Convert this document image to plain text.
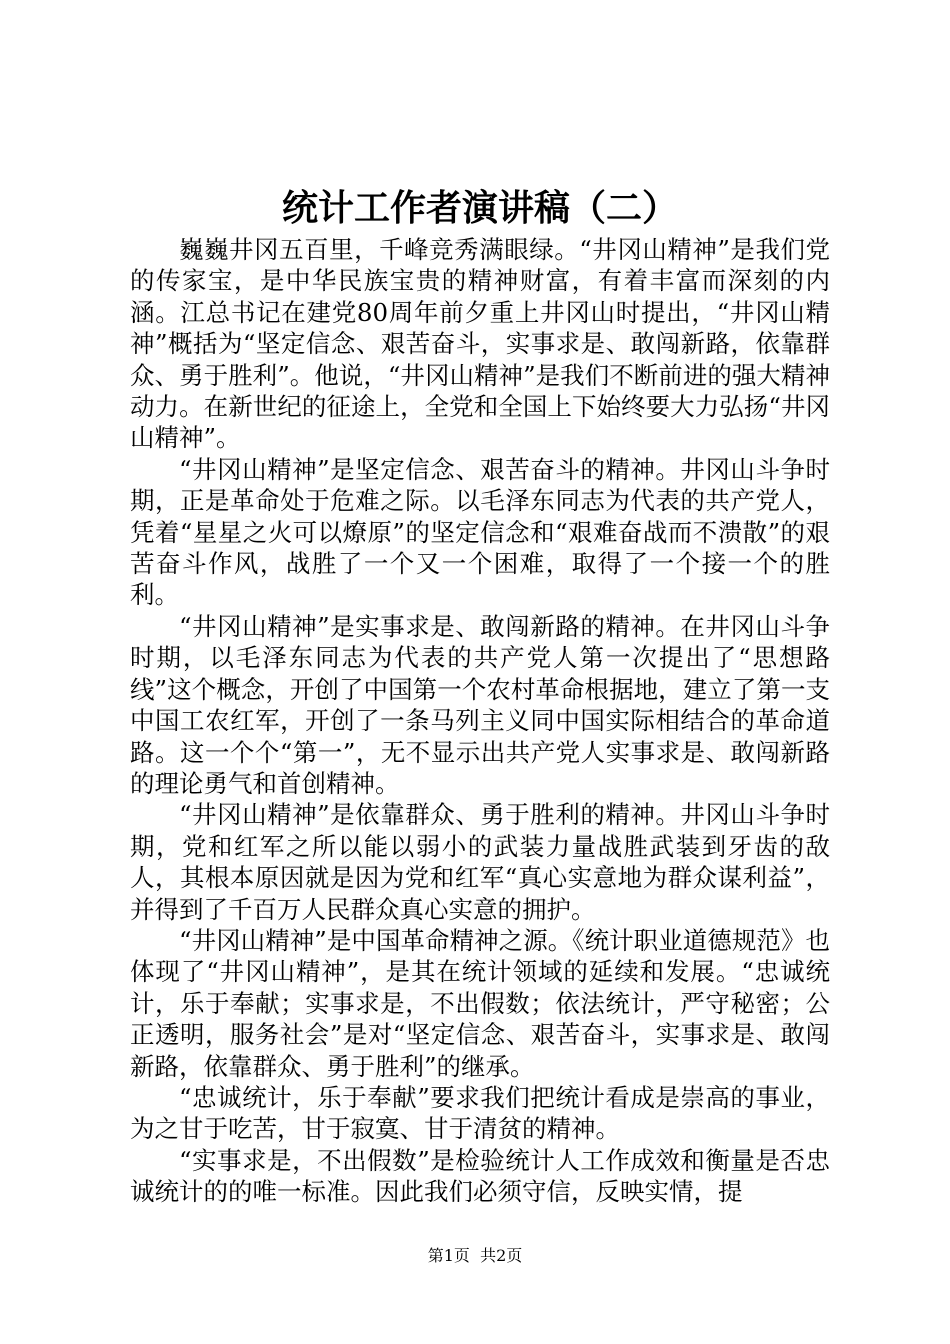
统计工作者演讲稿（二）

巍巍井冈五百里，千峰竞秀满眼绿。“井冈山精神”是我们党的传家宝，是中华民族宝贵的精神财富，有着丰富而深刻的内涵。江总书记在建党80周年前夕重上井冈山时提出，“井冈山精神”概括为“坚定信念、艰苦奋斗，实事求是、敢闯新路，依靠群众、勇于胜利”。他说，“井冈山精神”是我们不断前进的强大精神动力。在新世纪的征途上，全党和全国上下始终要大力弘扬“井冈山精神”。

“井冈山精神”是坚定信念、艰苦奋斗的精神。井冈山斗争时期，正是革命处于危难之际。以毛泽东同志为代表的共产党人，凭着“星星之火可以燎原”的坚定信念和“艰难奋战而不溃散”的艰苦奋斗作风，战胜了一个又一个困难，取得了一个接一个的胜利。

“井冈山精神”是实事求是、敢闯新路的精神。在井冈山斗争时期，以毛泽东同志为代表的共产党人第一次提出了“思想路线”这个概念，开创了中国第一个农村革命根据地，建立了第一支中国工农红军，开创了一条马列主义同中国实际相结合的革命道路。这一个个“第一”，无不显示出共产党人实事求是、敢闯新路的理论勇气和首创精神。

“井冈山精神”是依靠群众、勇于胜利的精神。井冈山斗争时期，党和红军之所以能以弱小的武装力量战胜武装到牙齿的敌人，其根本原因就是因为党和红军“真心实意地为群众谋利益”，并得到了千百万人民群众真心实意的拥护。

“井冈山精神”是中国革命精神之源。《统计职业道德规范》也体现了“井冈山精神”，是其在统计领域的延续和发展。“忠诚统计，乐于奉献；实事求是，不出假数；依法统计，严守秘密；公正透明，服务社会”是对“坚定信念、艰苦奋斗，实事求是、敢闯新路，依靠群众、勇于胜利”的继承。

“忠诚统计，乐于奉献”要求我们把统计看成是崇高的事业，为之甘于吃苦，甘于寂寞、甘于清贫的精神。

“实事求是，不出假数”是检验统计人工作成效和衡量是否忠诚统计的的唯一标准。因此我们必须守信，反映实情，提

第1页 共2页
